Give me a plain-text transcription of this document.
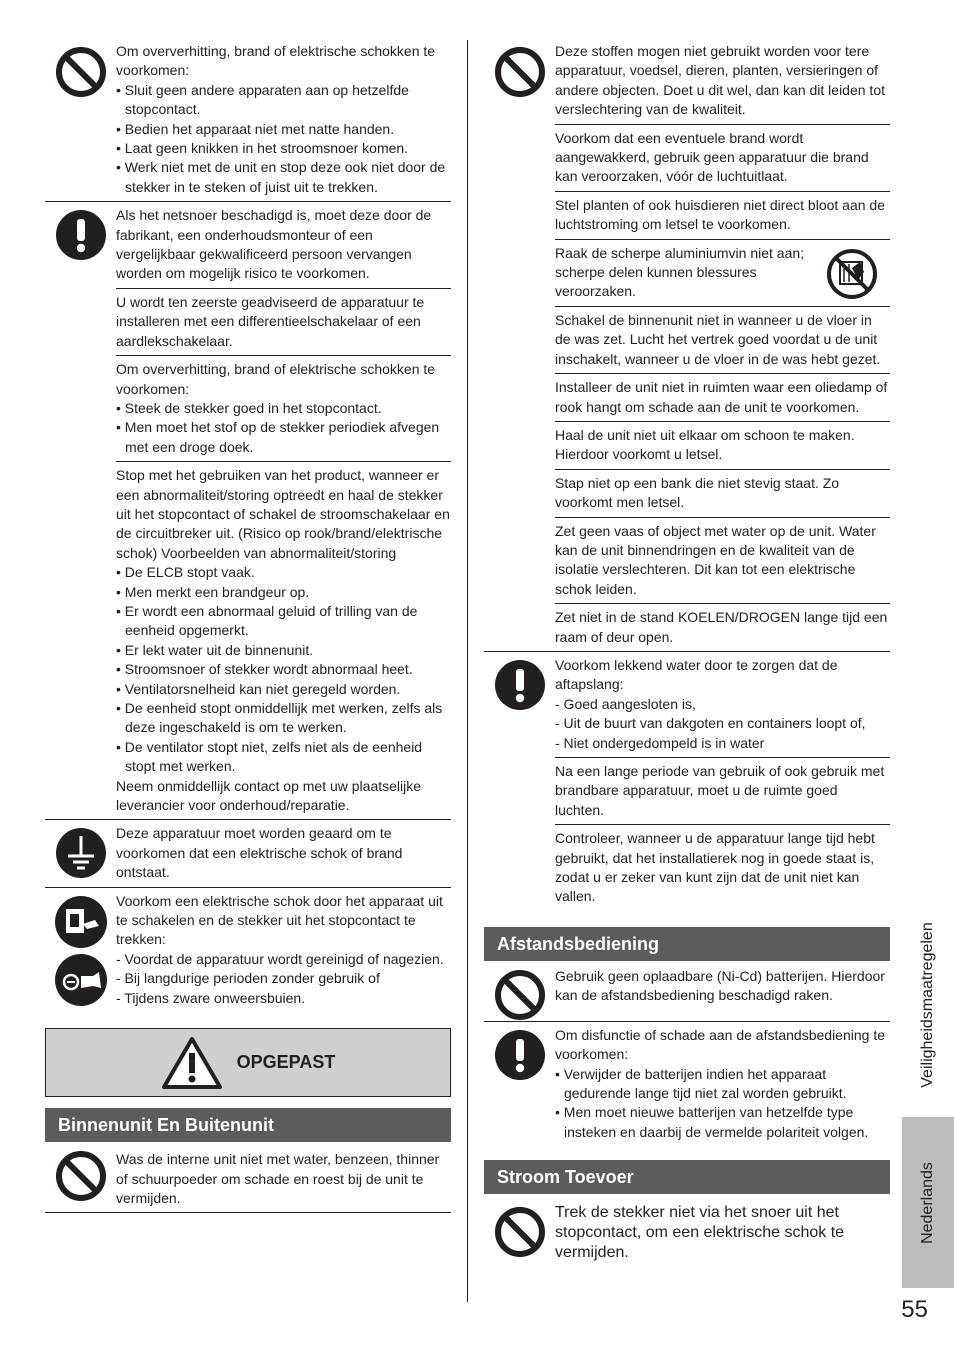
Om oververhitting, brand of elektrische schokken te voorkomen:

• Sluit geen andere apparaten aan op hetzelfde stopcontact.
• Bedien het apparaat niet met natte handen.
• Laat geen knikken in het stroomsnoer komen.
• Werk niet met de unit en stop deze ook niet door de stekker in te steken of juist uit te trekken.

Als het netsnoer beschadigd is, moet deze door de fabrikant, een onderhoudsmonteur of een vergelijkbaar gekwalificeerd persoon vervangen worden om mogelijk risico te voorkomen.

U wordt ten zeerste geadviseerd de apparatuur te installeren met een differentieelschakelaar of een aardlekschakelaar.

Om oververhitting, brand of elektrische schokken te voorkomen:

• Steek de stekker goed in het stopcontact.
• Men moet het stof op de stekker periodiek afvegen met een droge doek.

Stop met het gebruiken van het product, wanneer er een abnormaliteit/storing optreedt en haal de stekker uit het stopcontact of schakel de stroomschakelaar en de circuitbreker uit. (Risico op rook/brand/elektrische schok) Voorbeelden van abnormaliteit/storing

• De ELCB stopt vaak.
• Men merkt een brandgeur op.
• Er wordt een abnormaal geluid of trilling van de eenheid opgemerkt.
• Er lekt water uit de binnenunit.
• Stroomsnoer of stekker wordt abnormaal heet.
• Ventilatorsnelheid kan niet geregeld worden.
• De eenheid stopt onmiddellijk met werken, zelfs als deze ingeschakeld is om te werken.
• De ventilator stopt niet, zelfs niet als de eenheid stopt met werken.

Neem onmiddellijk contact op met uw plaatselijke leverancier voor onderhoud/reparatie.

Deze apparatuur moet worden geaard om te voorkomen dat een elektrische schok of brand ontstaat.

Voorkom een elektrische schok door het apparaat uit te schakelen en de stekker uit het stopcontact te trekken:

- Voordat de apparatuur wordt gereinigd of nagezien.
- Bij langdurige perioden zonder gebruik of
- Tijdens zware onweersbuien.
OPGEPAST
Binnenunit En Buitenunit

Was de interne unit niet met water, benzeen, thinner of schuurpoeder om schade en roest bij de unit te vermijden.

Deze stoffen mogen niet gebruikt worden voor tere apparatuur, voedsel, dieren, planten, versieringen of andere objecten. Doet u dit wel, dan kan dit leiden tot verslechtering van de kwaliteit.

Voorkom dat een eventuele brand wordt aangewakkerd, gebruik geen apparatuur die brand kan veroorzaken, vóór de luchtuitlaat.

Stel planten of ook huisdieren niet direct bloot aan de luchtstroming om letsel te voorkomen.

Raak de scherpe aluminiumvin niet aan; scherpe delen kunnen blessures veroorzaken.

Schakel de binnenunit niet in wanneer u de vloer in de was zet. Lucht het vertrek goed voordat u de unit inschakelt, wanneer u de vloer in de was hebt gezet.

Installeer de unit niet in ruimten waar een oliedamp of rook hangt om schade aan de unit te voorkomen.

Haal de unit niet uit elkaar om schoon te maken. Hierdoor voorkomt u letsel.

Stap niet op een bank die niet stevig staat. Zo voorkomt men letsel.

Zet geen vaas of object met water op de unit. Water kan de unit binnendringen en de kwaliteit van de isolatie verslechteren. Dit kan tot een elektrische schok leiden.

Zet niet in de stand KOELEN/DROGEN lange tijd een raam of deur open.

Voorkom lekkend water door te zorgen dat de aftapslang:

- Goed aangesloten is,
- Uit de buurt van dakgoten en containers loopt of,
- Niet ondergedompeld is in water

Na een lange periode van gebruik of ook gebruik met brandbare apparatuur, moet u de ruimte goed luchten.

Controleer, wanneer u de apparatuur lange tijd hebt gebruikt, dat het installatierek nog in goede staat is, zodat u er zeker van kunt zijn dat de unit niet kan vallen.

Afstandsbediening

Gebruik geen oplaadbare (Ni-Cd) batterijen. Hierdoor kan de afstandsbediening beschadigd raken.

Om disfunctie of schade aan de afstandsbediening te voorkomen:

• Verwijder de batterijen indien het apparaat gedurende lange tijd niet zal worden gebruikt.
• Men moet nieuwe batterijen van hetzelfde type insteken en daarbij de vermelde polariteit volgen.
Stroom Toevoer

Trek de stekker niet via het snoer uit het stopcontact, om een elektrische schok te vermijden.

Veiligheidsmaatregelen
Nederlands
55
